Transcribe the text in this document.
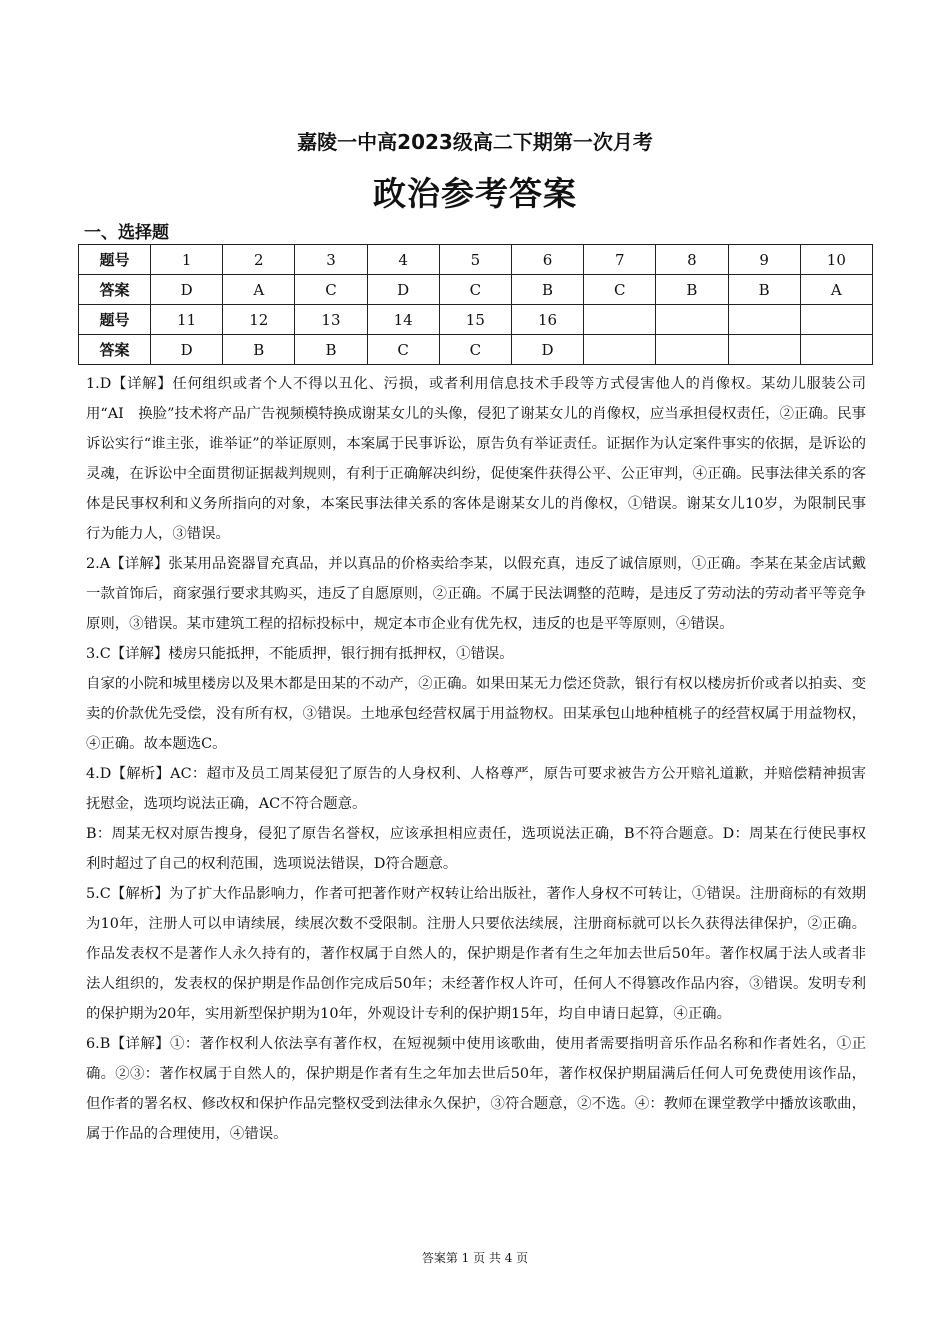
嘉陵一中高2023级高二下期第一次月考
政治参考答案
一、选择题
题号	1	2	3	4	5	6	7	8	9	10
答案	D	A	C	D	C	B	C	B	B	A
题号	11	12	13	14	15	16				
答案	D	B	B	C	C	D				

1.D【详解】任何组织或者个人不得以丑化、污损，或者利用信息技术手段等方式侵害他人的肖像权。某幼儿服装公司用“AI　换脸”技术将产品广告视频模特换成谢某女儿的头像，侵犯了谢某女儿的肖像权，应当承担侵权责任，②正确。民事诉讼实行“谁主张，谁举证”的举证原则，本案属于民事诉讼，原告负有举证责任。证据作为认定案件事实的依据，是诉讼的灵魂，在诉讼中全面贯彻证据裁判规则，有利于正确解决纠纷，促使案件获得公平、公正审判，④正确。民事法律关系的客体是民事权利和义务所指向的对象，本案民事法律关系的客体是谢某女儿的肖像权，①错误。谢某女儿10岁，为限制民事行为能力人，③错误。

2.A【详解】张某用品瓷器冒充真品，并以真品的价格卖给李某，以假充真，违反了诚信原则，①正确。李某在某金店试戴一款首饰后，商家强行要求其购买，违反了自愿原则，②正确。不属于民法调整的范畴，是违反了劳动法的劳动者平等竞争原则，③错误。某市建筑工程的招标投标中，规定本市企业有优先权，违反的也是平等原则，④错误。

3.C【详解】楼房只能抵押，不能质押，银行拥有抵押权，①错误。

自家的小院和城里楼房以及果木都是田某的不动产，②正确。如果田某无力偿还贷款，银行有权以楼房折价或者以拍卖、变卖的价款优先受偿，没有所有权，③错误。土地承包经营权属于用益物权。田某承包山地种植桃子的经营权属于用益物权，④正确。故本题选C。

4.D【解析】AC：超市及员工周某侵犯了原告的人身权利、人格尊严，原告可要求被告方公开赔礼道歉，并赔偿精神损害抚慰金，选项均说法正确，AC不符合题意。

B：周某无权对原告搜身，侵犯了原告名誉权，应该承担相应责任，选项说法正确，B不符合题意。D：周某在行使民事权利时超过了自己的权利范围，选项说法错误，D符合题意。

5.C【解析】为了扩大作品影响力，作者可把著作财产权转让给出版社，著作人身权不可转让，①错误。注册商标的有效期为10年，注册人可以申请续展，续展次数不受限制。注册人只要依法续展，注册商标就可以长久获得法律保护，②正确。作品发表权不是著作人永久持有的，著作权属于自然人的，保护期是作者有生之年加去世后50年。著作权属于法人或者非法人组织的，发表权的保护期是作品创作完成后50年；未经著作权人许可，任何人不得篡改作品内容，③错误。发明专利的保护期为20年，实用新型保护期为10年，外观设计专利的保护期15年，均自申请日起算，④正确。

6.B【详解】①：著作权利人依法享有著作权，在短视频中使用该歌曲，使用者需要指明音乐作品名称和作者姓名，①正确。②③：著作权属于自然人的，保护期是作者有生之年加去世后50年，著作权保护期届满后任何人可免费使用该作品，但作者的署名权、修改权和保护作品完整权受到法律永久保护，③符合题意，②不选。④：教师在课堂教学中播放该歌曲，属于作品的合理使用，④错误。

答案第 1 页 共 4 页
